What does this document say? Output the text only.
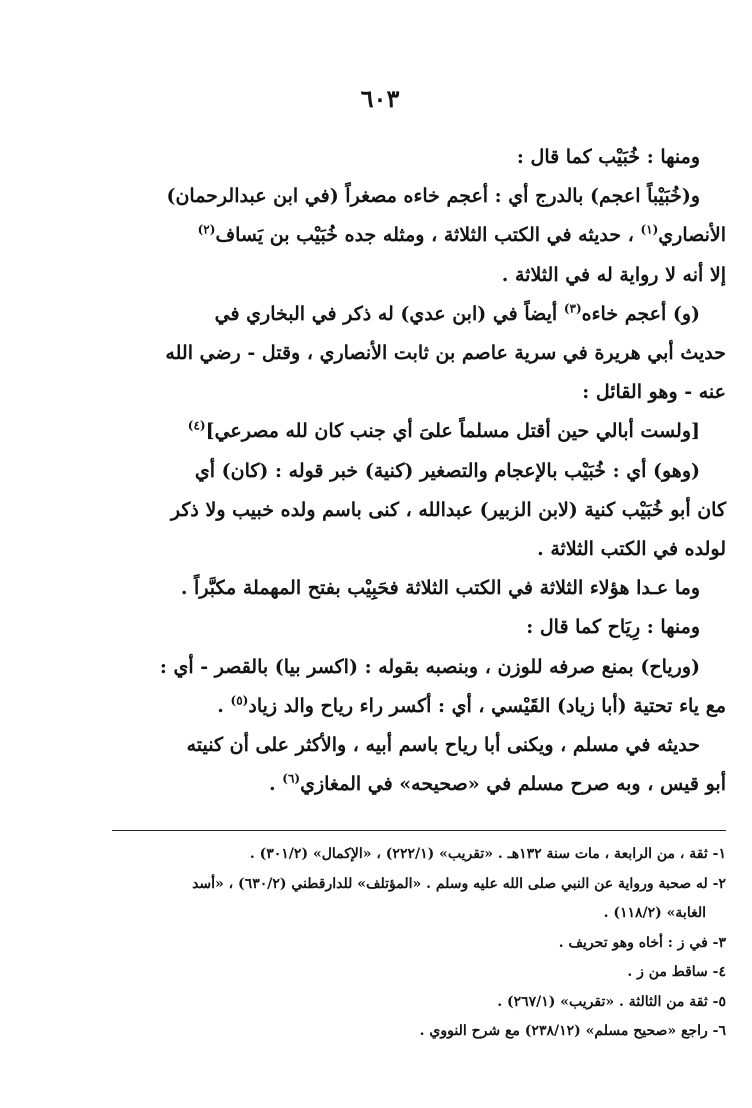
٦٠٣

ومنها : خُبَيْب كما قال :

و(خُبَيْباً اعجم) بالدرج أي : أعجم خاءه مصغراً (في ابن عبدالرحمان)

الأنصاري$^{(١)}$ ، حديثه في الكتب الثلاثة ، ومثله جده خُبَيْب بن يَساف$^{(٢)}$

إلا أنه لا رواية له في الثلاثة .

(و) أعجم خاءه$^{(٣)}$ أيضاً في (ابن عدي) له ذكر في البخاري في

حديث أبي هريرة في سرية عاصم بن ثابت الأنصاري ، وقتل - رضي الله

عنه - وهو القائل :

[ولست أبالي حين أقتل مسلماً علىَ أي جنب كان لله مصرعي]$^{(٤)}$

(وهو) أي : خُبَيْب بالإعجام والتصغير (كنية) خبر قوله : (كان) أي

كان أبو خُبَيْب كنية (لابن الزبير) عبدالله ، كنى باسم ولده خبيب ولا ذكر

لولده في الكتب الثلاثة .

وما عـدا هؤلاء الثلاثة في الكتب الثلاثة فحَبِيْب بفتح المهملة مكبَّراً .

ومنها : رِيَاح كما قال :

(ورياح) بمنع صرفه للوزن ، وبنصبه بقوله : (اكسر بيا) بالقصر - أي :

مع ياء تحتية (أبا زياد) القَيْسي ، أي : أكسر راء رياح والد زياد$^{(٥)}$ .

حديثه في مسلم ، ويكنى أبا رياح باسم أبيه ، والأكثر على أن كنيته

أبو قيس ، وبه صرح مسلم في «صحيحه» في المغازي$^{(٦)}$ .

١- ثقة ، من الرابعة ، مات سنة ١٣٢هـ . «تقريب» (٢٢٢/١) ، «الإكمال» (٣٠١/٢) .
٢- له صحبة ورواية عن النبي صلى الله عليه وسلم . «المؤتلف» للدارقطني (٦٣٠/٢) ، «أسد
الغابة» (١١٨/٢) .
٣- في ز : أخاه وهو تحريف .
٤- ساقط من ز .
٥- ثقة من الثالثة . «تقريب» (٢٦٧/١) .
٦- راجع «صحيح مسلم» (٢٣٨/١٢) مع شرح النووي .
